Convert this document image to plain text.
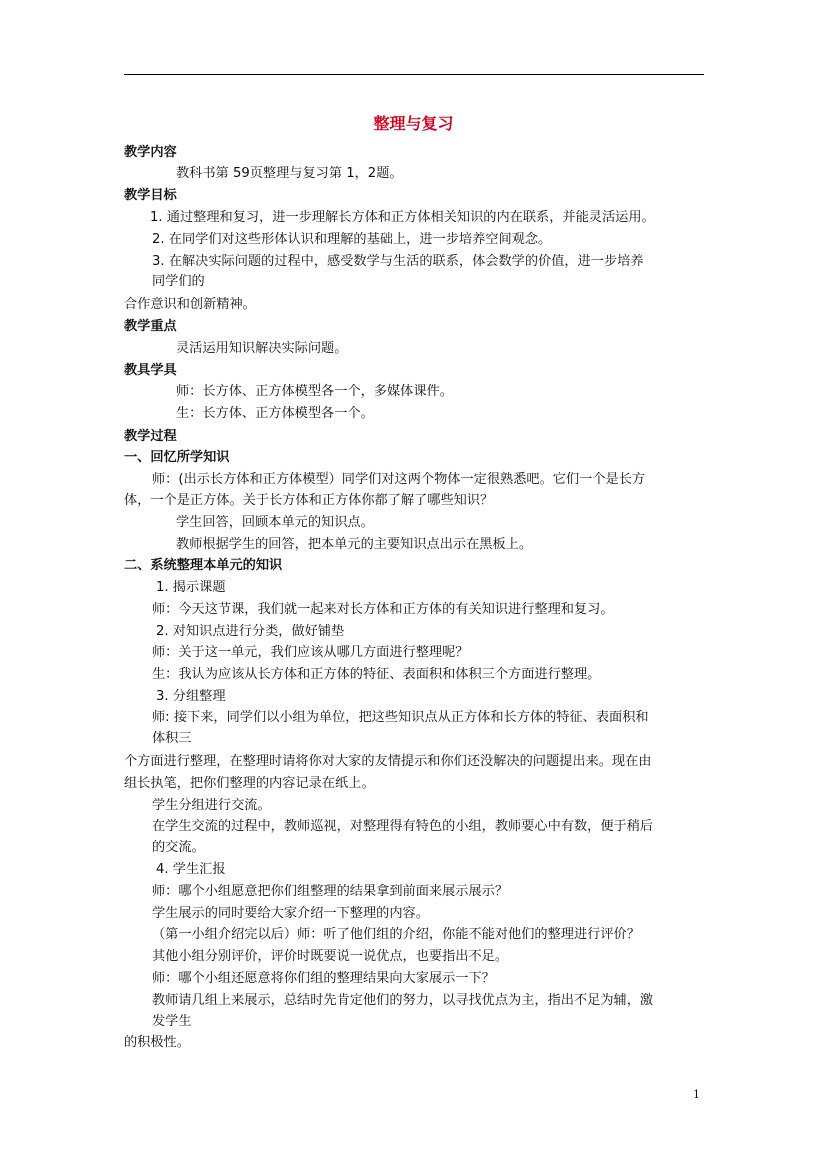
整理与复习
教学内容
教科书第 59页整理与复习第 1，2题。
教学目标
1. 通过整理和复习，进一步理解长方体和正方体相关知识的内在联系，并能灵活运用。
2. 在同学们对这些形体认识和理解的基础上，进一步培养空间观念。
3. 在解决实际问题的过程中，感受数学与生活的联系，体会数学的价值，进一步培养
同学们的
合作意识和创新精神。
教学重点
灵活运用知识解决实际问题。
教具学具
师：长方体、正方体模型各一个，多媒体课件。
生：长方体、正方体模型各一个。
教学过程
一、回忆所学知识
师：(出示长方体和正方体模型）同学们对这两个物体一定很熟悉吧。它们一个是长方
体，一个是正方体。关于长方体和正方体你都了解了哪些知识？
学生回答，回顾本单元的知识点。
教师根据学生的回答，把本单元的主要知识点出示在黑板上。
二、系统整理本单元的知识
1. 揭示课题
师：今天这节课，我们就一起来对长方体和正方体的有关知识进行整理和复习。
2. 对知识点进行分类，做好铺垫
师：关于这一单元，我们应该从哪几方面进行整理呢？
生：我认为应该从长方体和正方体的特征、表面积和体积三个方面进行整理。
3. 分组整理
师: 接下来，同学们以小组为单位，把这些知识点从正方体和长方体的特征、表面积和
体积三
个方面进行整理，在整理时请将你对大家的友情提示和你们还没解决的问题提出来。现在由
组长执笔，把你们整理的内容记录在纸上。
学生分组进行交流。
在学生交流的过程中，教师巡视，对整理得有特色的小组，教师要心中有数，便于稍后
的交流。
4. 学生汇报
师：哪个小组愿意把你们组整理的结果拿到前面来展示展示？
学生展示的同时要给大家介绍一下整理的内容。
（第一小组介绍完以后）师：听了他们组的介绍，你能不能对他们的整理进行评价？
其他小组分别评价，评价时既要说一说优点，也要指出不足。
师：哪个小组还愿意将你们组的整理结果向大家展示一下？
教师请几组上来展示，总结时先肯定他们的努力，以寻找优点为主，指出不足为辅，激
发学生
的积极性。
1
